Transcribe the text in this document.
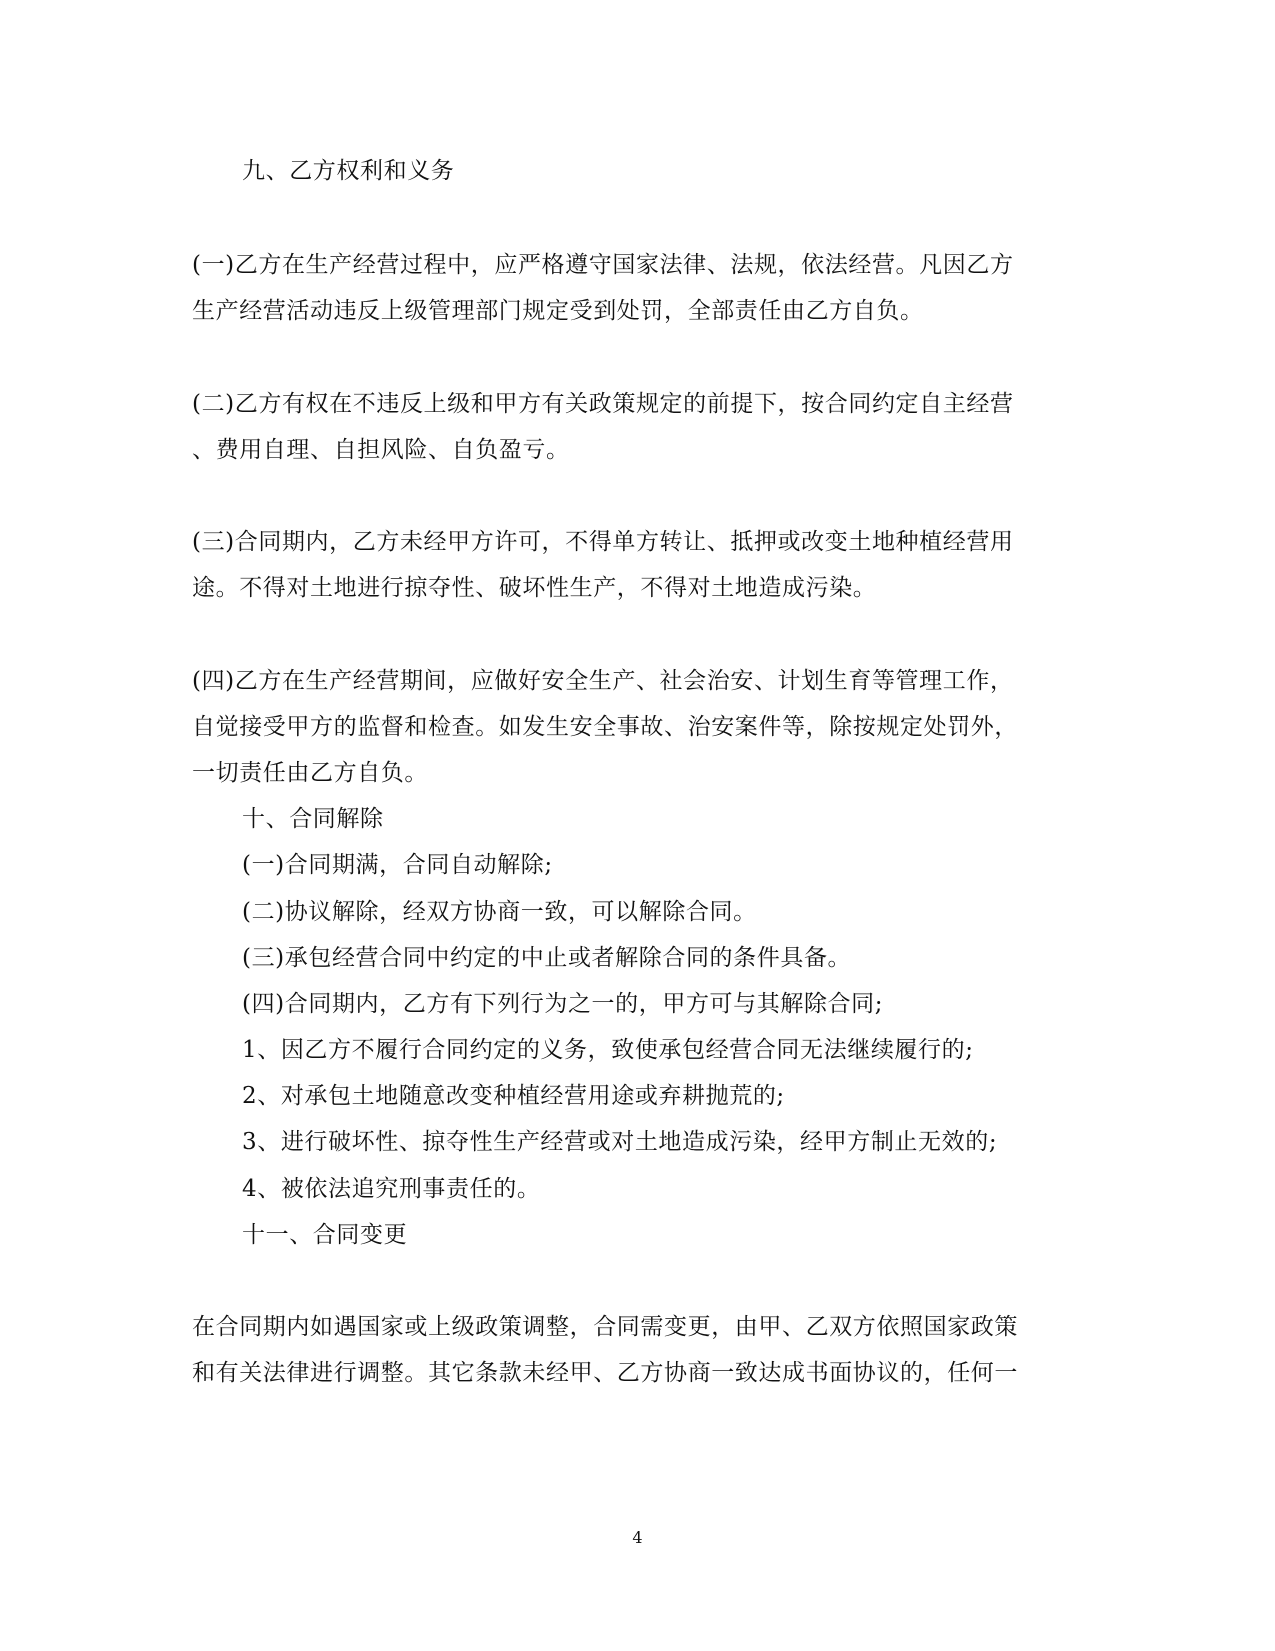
九、乙方权利和义务
(一)乙方在生产经营过程中，应严格遵守国家法律、法规，依法经营。凡因乙方
生产经营活动违反上级管理部门规定受到处罚，全部责任由乙方自负。
(二)乙方有权在不违反上级和甲方有关政策规定的前提下，按合同约定自主经营
、费用自理、自担风险、自负盈亏。
(三)合同期内，乙方未经甲方许可，不得单方转让、抵押或改变土地种植经营用
途。不得对土地进行掠夺性、破坏性生产，不得对土地造成污染。
(四)乙方在生产经营期间，应做好安全生产、社会治安、计划生育等管理工作，
自觉接受甲方的监督和检查。如发生安全事故、治安案件等，除按规定处罚外，
一切责任由乙方自负。
十、合同解除
(一)合同期满，合同自动解除;
(二)协议解除，经双方协商一致，可以解除合同。
(三)承包经营合同中约定的中止或者解除合同的条件具备。
(四)合同期内，乙方有下列行为之一的，甲方可与其解除合同;
1、因乙方不履行合同约定的义务，致使承包经营合同无法继续履行的;
2、对承包土地随意改变种植经营用途或弃耕抛荒的;
3、进行破坏性、掠夺性生产经营或对土地造成污染，经甲方制止无效的;
4、被依法追究刑事责任的。
十一、合同变更
在合同期内如遇国家或上级政策调整，合同需变更，由甲、乙双方依照国家政策
和有关法律进行调整。其它条款未经甲、乙方协商一致达成书面协议的，任何一
4
